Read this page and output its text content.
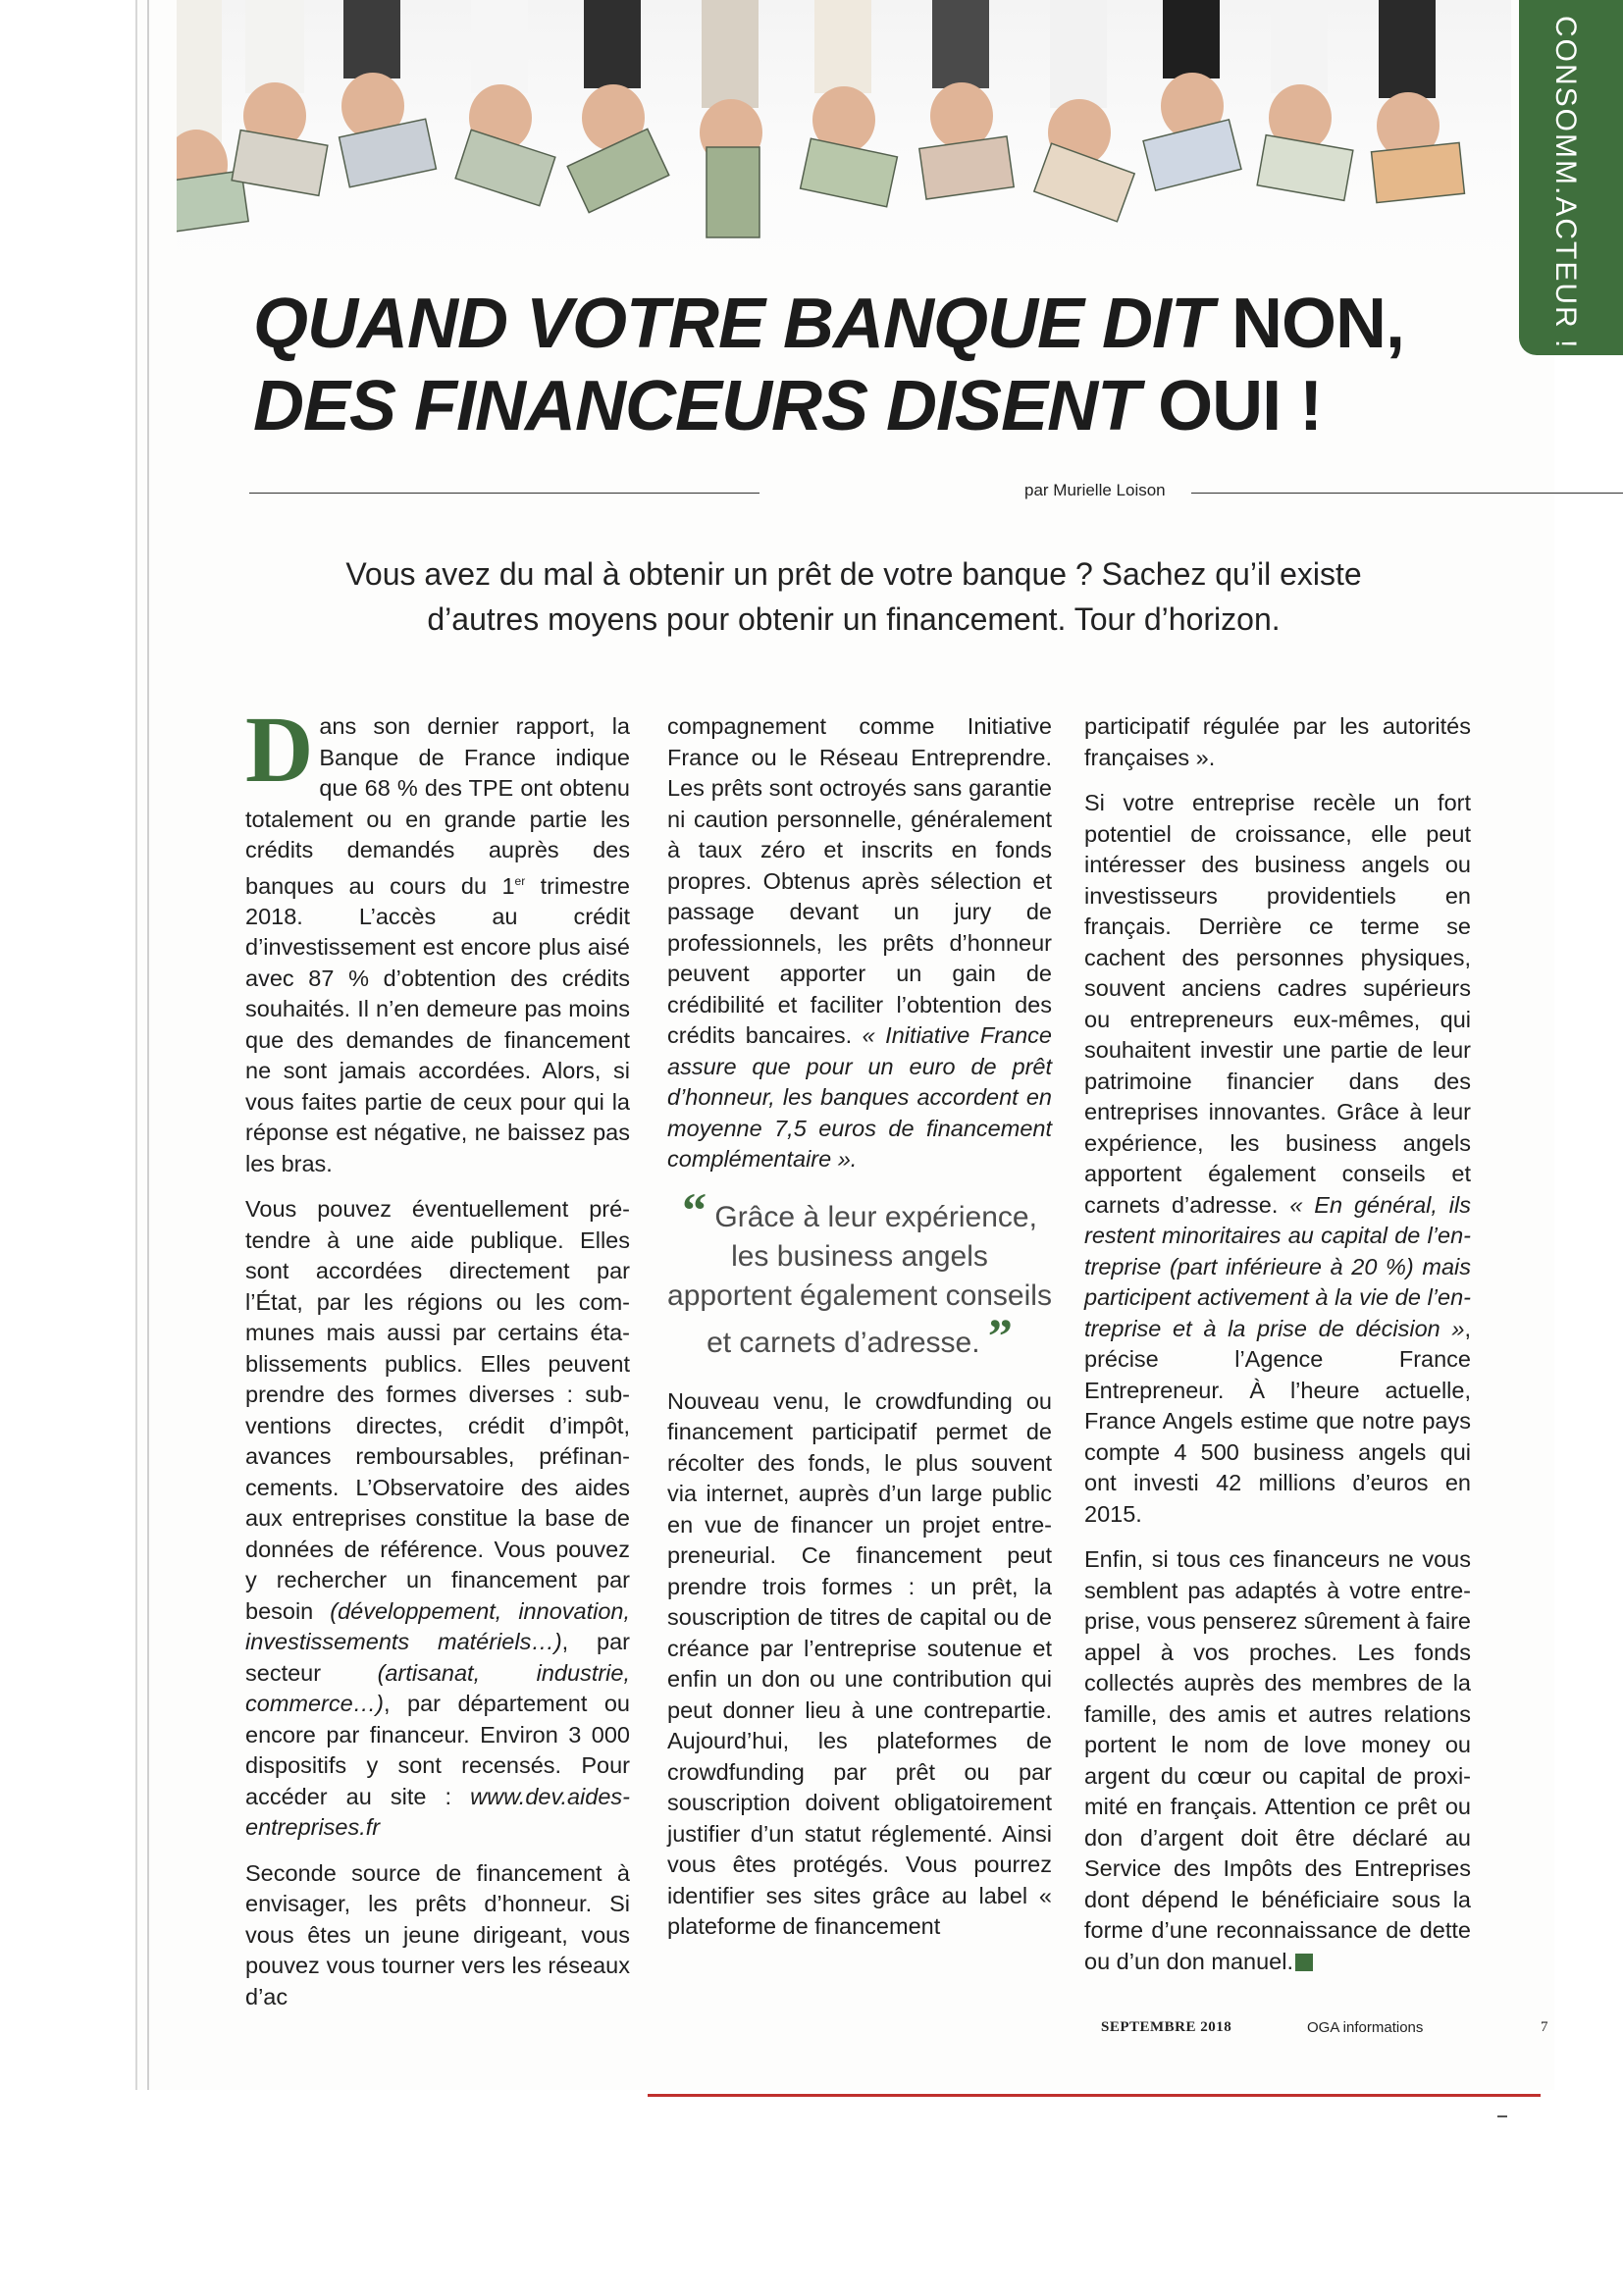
CONSOMM.ACTEUR !
QUAND VOTRE BANQUE DIT NON,
DES FINANCEURS DISENT OUI !
par Murielle Loison
Vous avez du mal à obtenir un prêt de votre banque ? Sachez qu’il existe
d’autres moyens pour obtenir un financement. Tour d’horizon.

Dans son dernier rapport, la Banque de France indique que 68 % des TPE ont obtenu totalement ou en grande partie les crédits demandés auprès des banques au cours du 1er trimestre 2018. L’accès au crédit d’investissement est encore plus aisé avec 87 % d’obtention des crédits souhaités. Il n’en demeure pas moins que des demandes de financement ne sont jamais accordées. Alors, si vous faites partie de ceux pour qui la réponse est négative, ne baissez pas les bras.

Vous pouvez éventuellement prétendre à une aide publique. Elles sont accordées directement par l’État, par les régions ou les communes mais aussi par certains établissements publics. Elles peuvent prendre des formes diverses : subventions directes, crédit d’impôt, avances remboursables, préfinancements. L’Observatoire des aides aux entreprises constitue la base de données de référence. Vous pouvez y rechercher un financement par besoin (développement, innovation, investissements matériels…), par secteur (artisanat, industrie, commerce…), par département ou encore par financeur. Environ 3 000 dispositifs y sont recensés. Pour accéder au site : www.dev.aides-entreprises.fr

Seconde source de financement à envisager, les prêts d’honneur. Si vous êtes un jeune dirigeant, vous pouvez vous tourner vers les réseaux d’ac

compagnement comme Initiative France ou le Réseau Entreprendre. Les prêts sont octroyés sans garantie ni caution personnelle, généralement à taux zéro et inscrits en fonds propres. Obtenus après sélection et passage devant un jury de professionnels, les prêts d’honneur peuvent apporter un gain de crédibilité et faciliter l’obtention des crédits bancaires. « Initiative France assure que pour un euro de prêt d’honneur, les banques accordent en moyenne 7,5 euros de financement complémentaire ».

“ Grâce à leur expérience, les business angels apportent également conseils et carnets d’adresse. ”

Nouveau venu, le crowdfunding ou financement participatif permet de récolter des fonds, le plus souvent via internet, auprès d’un large public en vue de financer un projet entrepreneurial. Ce financement peut prendre trois formes : un prêt, la souscription de titres de capital ou de créance par l’entreprise soutenue et enfin un don ou une contribution qui peut donner lieu à une contrepartie. Aujourd’hui, les plateformes de crowdfunding par prêt ou par souscription doivent obligatoirement justifier d’un statut réglementé. Ainsi vous êtes protégés. Vous pourrez identifier ses sites grâce au label « plateforme de financement

participatif régulée par les autorités françaises ».

Si votre entreprise recèle un fort potentiel de croissance, elle peut intéresser des business angels ou investisseurs providentiels en français. Derrière ce terme se cachent des personnes physiques, souvent anciens cadres supérieurs ou entrepreneurs eux-mêmes, qui souhaitent investir une partie de leur patrimoine financier dans des entreprises innovantes. Grâce à leur expérience, les business angels apportent également conseils et carnets d’adresse. « En général, ils restent minoritaires au capital de l’entreprise (part inférieure à 20 %) mais participent activement à la vie de l’entreprise et à la prise de décision », précise l’Agence France Entrepreneur. À l’heure actuelle, France Angels estime que notre pays compte 4 500 business angels qui ont investi 42 millions d’euros en 2015.

Enfin, si tous ces financeurs ne vous semblent pas adaptés à votre entreprise, vous penserez sûrement à faire appel à vos proches. Les fonds collectés auprès des membres de la famille, des amis et autres relations portent le nom de love money ou argent du cœur ou capital de proximité en français. Attention ce prêt ou don d’argent doit être déclaré au Service des Impôts des Entreprises dont dépend le bénéficiaire sous la forme d’une reconnaissance de dette ou d’un don manuel.

SEPTEMBRE 2018	OGA informations	7
